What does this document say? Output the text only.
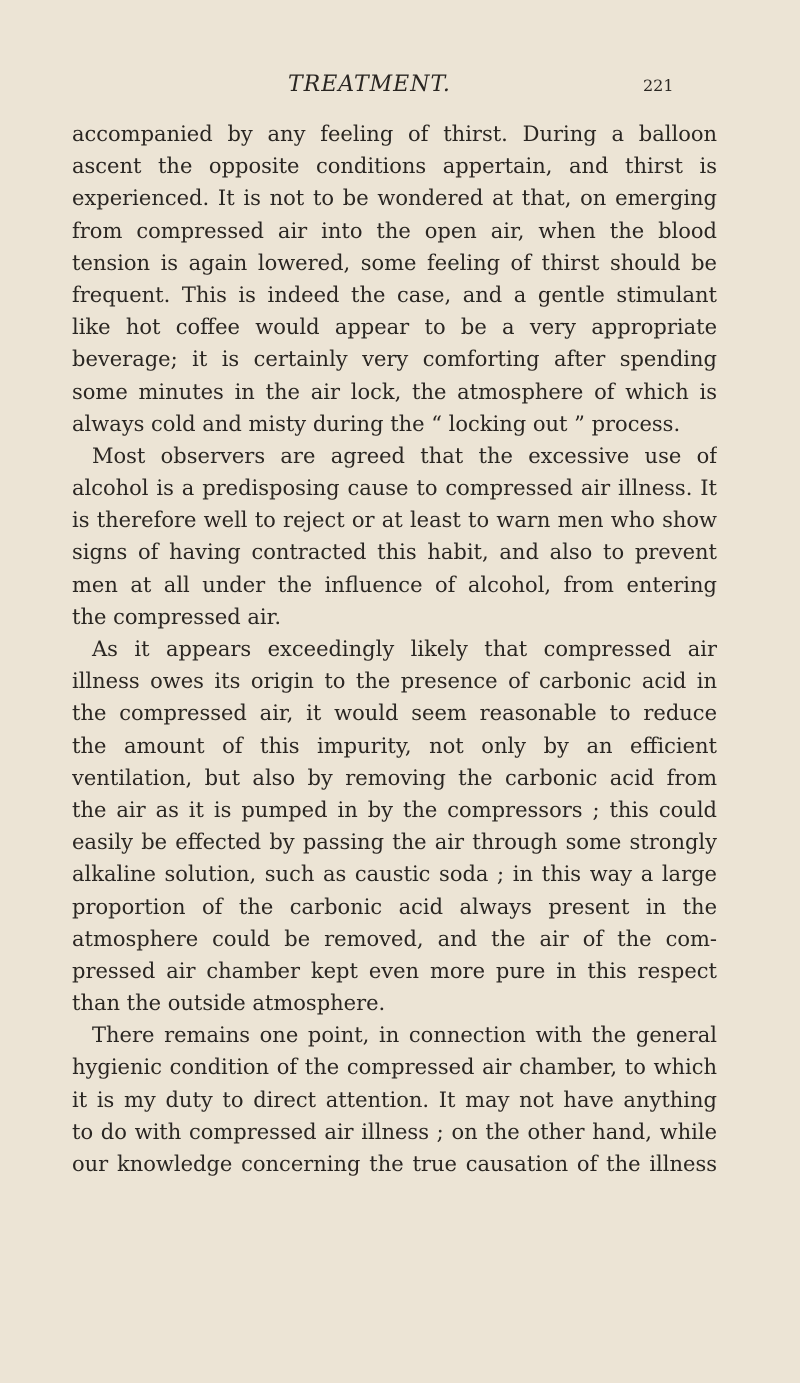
TREATMENT.	221
accompanied by any feeling of thirst. During a balloon
ascent the opposite conditions appertain, and thirst is
experienced. It is not to be wondered at that, on emerging
from compressed air into the open air, when the blood
tension is again lowered, some feeling of thirst should be
frequent. This is indeed the case, and a gentle stimulant
like hot coffee would appear to be a very appropriate
beverage; it is certainly very comforting after spending
some minutes in the air lock, the atmosphere of which is
always cold and misty during the “ locking out ” process.
Most observers are agreed that the excessive use of
alcohol is a predisposing cause to compressed air illness. It
is therefore well to reject or at least to warn men who show
signs of having contracted this habit, and also to prevent
men at all under the influence of alcohol, from entering
the compressed air.
As it appears exceedingly likely that compressed air
illness owes its origin to the presence of carbonic acid in
the compressed air, it would seem reasonable to reduce
the amount of this impurity, not only by an efficient
ventilation, but also by removing the carbonic acid from
the air as it is pumped in by the compressors ; this could
easily be effected by passing the air through some strongly
alkaline solution, such as caustic soda ; in this way a large
proportion of the carbonic acid always present in the
atmosphere could be removed, and the air of the com-
pressed air chamber kept even more pure in this respect
than the outside atmosphere.
There remains one point, in connection with the general
hygienic condition of the compressed air chamber, to which
it is my duty to direct attention. It may not have anything
to do with compressed air illness ; on the other hand, while
our knowledge concerning the true causation of the illness
